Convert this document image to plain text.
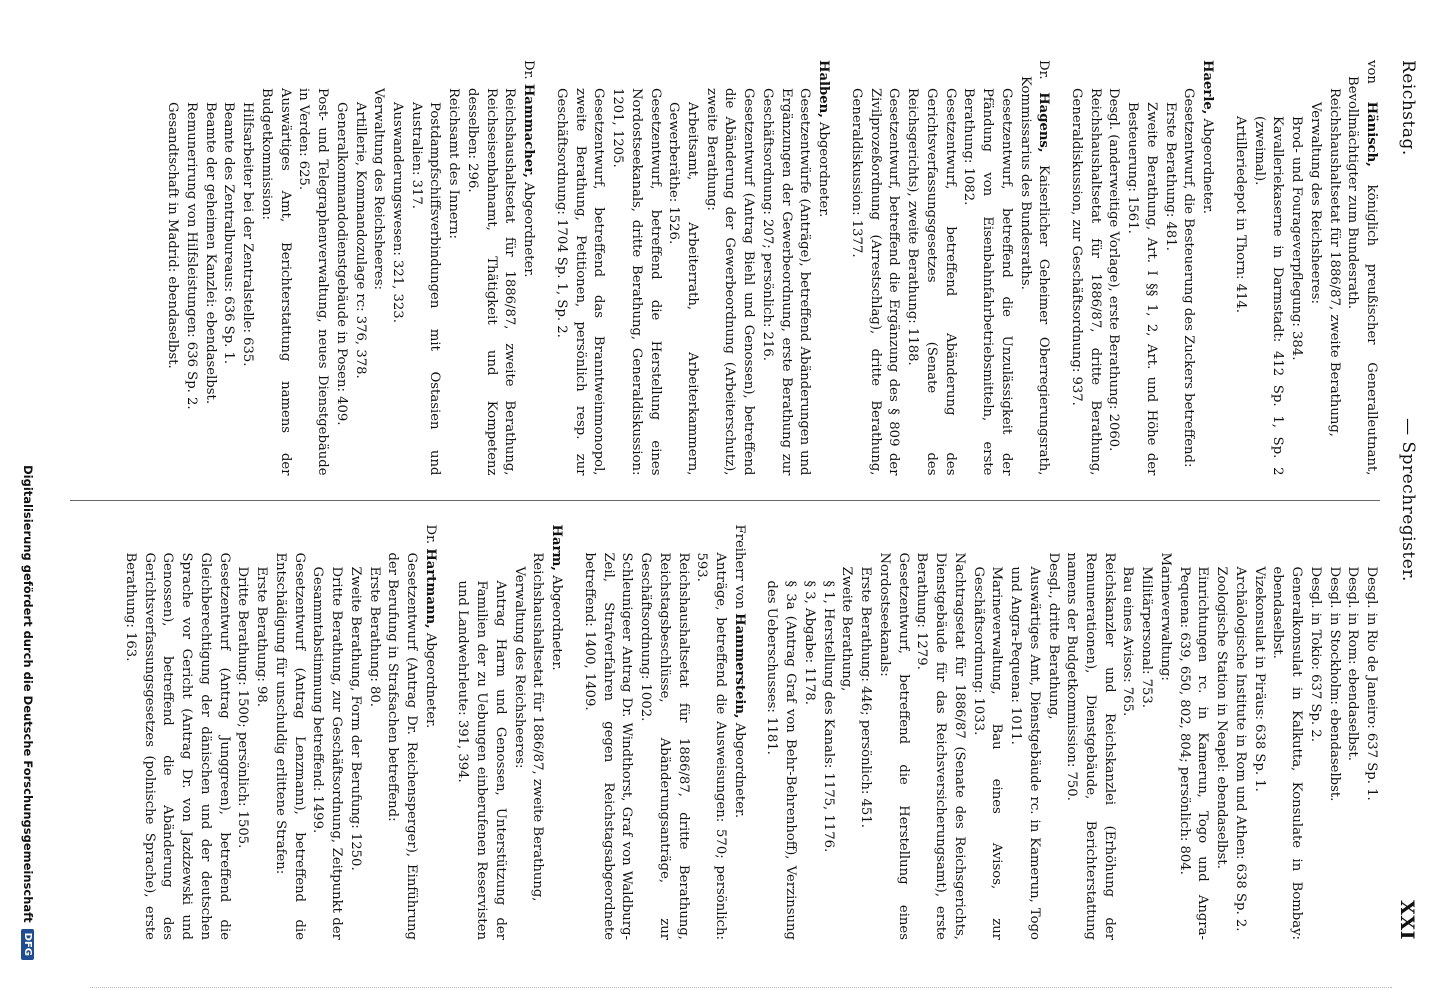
Reichstag.
— Sprechregister.
XXI
von Hänisch, königlich preußischer Generalleutnant, Bevollmächtigter zum Bundesrath.
Reichshaushaltsetat für 1886/87, zweite Berathung,
Verwaltung des Reichsheeres:
Brod- und Fourageverpflegung: 384.
Kavalleriekaserne in Darmstadt: 412 Sp. 1, Sp. 2 (zweimal).
Artilleriedepot in Thorn: 414.
Haerle, Abgeordneter.
Gesetzentwurf, die Besteuerung des Zuckers betreffend:
Erste Berathung: 481.
Zweite Berathung, Art. I §§ 1, 2, Art. und Höhe der Besteuerung: 1561.
Desgl. (anderweitige Vorlage), erste Berathung: 2060.
Reichshaushaltsetat für 1886/87, dritte Berathung, Generaldiskussion, zur Geschäftsordnung: 937.
Dr. Hagens, Kaiserlicher Geheimer Oberregierungsrath, Kommissarius des Bundesraths.
Gesetzentwurf, betreffend die Unzulässigkeit der Pfändung von Eisenbahnfahrbetriebsmitteln, erste Berathung: 1082.
Gesetzentwurf, betreffend Abänderung des Gerichtsverfassungsgesetzes (Senate des Reichsgerichts), zweite Berathung: 1188.
Gesetzentwurf, betreffend die Ergänzung des § 809 der Zivilprozeßordnung (Arrestschlag), dritte Berathung, Generaldiskussion: 1377.
Halben, Abgeordneter.
Gesetzentwürfe (Anträge), betreffend Abänderungen und Ergänzungen der Gewerbeordnung, erste Berathung zur Geschäftsordnung: 207; persönlich: 216.
Gesetzentwurf (Antrag Biehl und Genossen), betreffend die Abänderung der Gewerbeordnung (Arbeiterschutz), zweite Berathung:
Arbeitsamt, Arbeiterrath, Arbeiterkammern, Gewerberäthe: 1526.
Gesetzentwurf, betreffend die Herstellung eines Nordostseekanals, dritte Berathung, Generaldiskussion: 1201, 1205.
Gesetzentwurf, betreffend das Branntweinmonopol, zweite Berathung, Petitionen, persönlich resp. zur Geschäftsordnung: 1704 Sp. 1, Sp. 2.
Dr. Hammacher, Abgeordneter.
Reichshaushaltsetat für 1886/87, zweite Berathung, Reichseisenbahnamt, Thätigkeit und Kompetenz desselben: 296.
Reichsamt des Innern:
Postdampfschiffsverbindungen mit Ostasien und Australien: 317.
Auswanderungswesen: 321, 323.
Verwaltung des Reichsheeres:
Artillerie, Kommandozulage rc: 376, 378.
Generalkommandodienstgebäude in Posen: 409.
Post- und Telegraphenverwaltung, neues Dienstgebäude in Verden: 625.
Auswärtiges Amt, Berichterstattung namens der Budgetkommission:
Hilfsarbeiter bei der Zentralstelle: 635.
Beamte des Zentralbureaus: 636 Sp. 1.
Beamte der geheimen Kanzlei: ebendaselbst.
Remunerirung von Hilfsleistungen: 636 Sp. 2.
Gesandtschaft in Madrid: ebendaselbst.
Desgl. in Rio de Janeiro: 637 Sp. 1.
Desgl. in Rom: ebendaselbst.
Desgl. in Stockholm: ebendaselbst.
Desgl. in Tokio: 637 Sp. 2.
Generalkonsulat in Kalkutta, Konsulate in Bombay: ebendaselbst.
Vizekonsulat in Piräus: 638 Sp. 1.
Archäologische Institute in Rom und Athen: 638 Sp. 2.
Zoologische Station in Neapel: ebendaselbst.
Einrichtungen rc. in Kamerun, Togo und Angra-Pequena: 639, 650, 802, 804; persönlich: 804.
Marineverwaltung:
Militärpersonal: 753.
Bau eines Avisos: 765.
Reichskanzler und Reichskanzlei (Erhöhung der Remunerationen), Dienstgebäude, Berichterstattung namens der Budgetkommission: 750.
Desgl., dritte Berathung,
Auswärtiges Amt, Dienstgebäude rc. in Kamerun, Togo und Angra-Pequena: 1011.
Marineverwaltung, Bau eines Avisos, zur Geschäftsordnung: 1033.
Nachtragsetat für 1886/87 (Senate des Reichsgerichts, Dienstgebäude für das Reichsversicherungsamt), erste Berathung: 1279.
Gesetzentwurf, betreffend die Herstellung eines Nordostseekanals:
Erste Berathung: 446; persönlich: 451.
Zweite Berathung,
§ 1, Herstellung des Kanals: 1175, 1176.
§ 3, Abgabe: 1178.
§ 3a (Antrag Graf von Behr-Behrenhoff), Verzinsung des Ueberschusses: 1181.
Freiherr von Hammerstein, Abgeordneter.
Anträge, betreffend die Ausweisungen: 570; persönlich: 593.
Reichshaushaltsetat für 1886/87, dritte Berathung, Reichstagsbeschlüsse, Abänderungsanträge, zur Geschäftsordnung: 1002.
Schleunigeer Antrag Dr. Windthorst, Graf von Waldburg-Zeil, Strafverfahren gegen Reichstagsabgeordnete betreffend: 1400, 1409.
Harm, Abgeordneter.
Reichshaushaltsetat für 1886/87, zweite Berathung,
Verwaltung des Reichsheeres:
Antrag Harm und Genossen, Unterstützung der Familien der zu Uebungen einberufenen Reservisten und Landwehrleute: 391, 394.
Dr. Hartmann, Abgeordneter.
Gesetzentwurf (Antrag Dr. Reichensperger), Einführung der Berufung in Strafsachen betreffend:
Erste Berathung: 80.
Zweite Berathung, Form der Berufung: 1250.
Dritte Berathung, zur Geschäftsordnung, Zeitpunkt der Gesammtabstimmung betreffend: 1499.
Gesetzentwurf (Antrag Lenzmann), betreffend die Entschädigung für unschuldig erlittene Strafen:
Erste Berathung: 98.
Dritte Berathung: 1500; persönlich: 1505.
Gesetzentwurf (Antrag Junggreen), betreffend die Gleichberechtigung der dänischen und der deutschen Sprache vor Gericht (Antrag Dr. von Jazdzewski und Genossen), betreffend die Abänderung des Gerichtsverfassungsgesetzes (polnische Sprache), erste Berathung: 163.
Digitalisierung gefördert durch die Deutsche Forschungsgemeinschaft
DFG
